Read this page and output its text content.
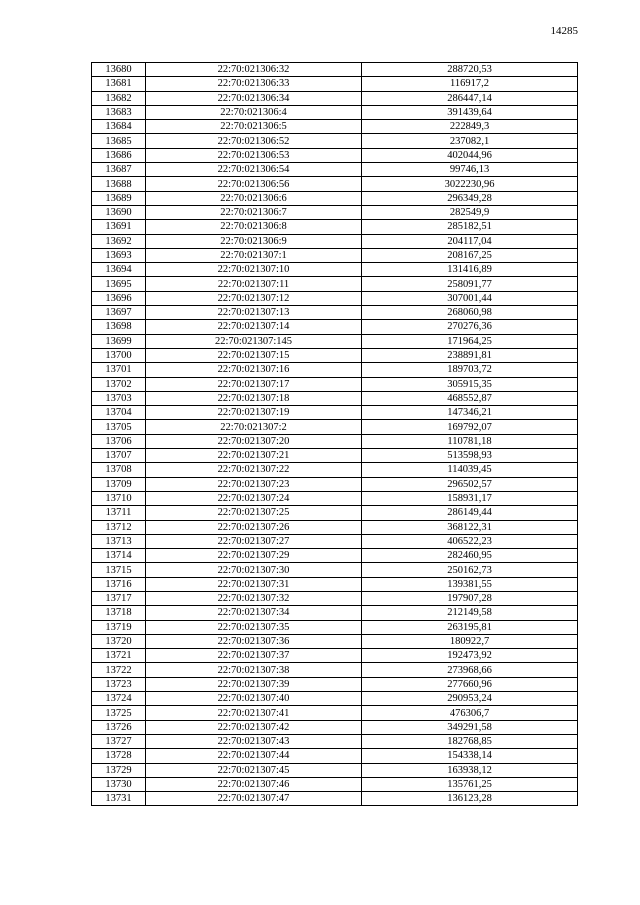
14285
13680	22:70:021306:32	288720,53
13681	22:70:021306:33	116917,2
13682	22:70:021306:34	286447,14
13683	22:70:021306:4	391439,64
13684	22:70:021306:5	222849,3
13685	22:70:021306:52	237082,1
13686	22:70:021306:53	402044,96
13687	22:70:021306:54	99746,13
13688	22:70:021306:56	3022230,96
13689	22:70:021306:6	296349,28
13690	22:70:021306:7	282549,9
13691	22:70:021306:8	285182,51
13692	22:70:021306:9	204117,04
13693	22:70:021307:1	208167,25
13694	22:70:021307:10	131416,89
13695	22:70:021307:11	258091,77
13696	22:70:021307:12	307001,44
13697	22:70:021307:13	268060,98
13698	22:70:021307:14	270276,36
13699	22:70:021307:145	171964,25
13700	22:70:021307:15	238891,81
13701	22:70:021307:16	189703,72
13702	22:70:021307:17	305915,35
13703	22:70:021307:18	468552,87
13704	22:70:021307:19	147346,21
13705	22:70:021307:2	169792,07
13706	22:70:021307:20	110781,18
13707	22:70:021307:21	513598,93
13708	22:70:021307:22	114039,45
13709	22:70:021307:23	296502,57
13710	22:70:021307:24	158931,17
13711	22:70:021307:25	286149,44
13712	22:70:021307:26	368122,31
13713	22:70:021307:27	406522,23
13714	22:70:021307:29	282460,95
13715	22:70:021307:30	250162,73
13716	22:70:021307:31	139381,55
13717	22:70:021307:32	197907,28
13718	22:70:021307:34	212149,58
13719	22:70:021307:35	263195,81
13720	22:70:021307:36	180922,7
13721	22:70:021307:37	192473,92
13722	22:70:021307:38	273968,66
13723	22:70:021307:39	277660,96
13724	22:70:021307:40	290953,24
13725	22:70:021307:41	476306,7
13726	22:70:021307:42	349291,58
13727	22:70:021307:43	182768,85
13728	22:70:021307:44	154338,14
13729	22:70:021307:45	163938,12
13730	22:70:021307:46	135761,25
13731	22:70:021307:47	136123,28
